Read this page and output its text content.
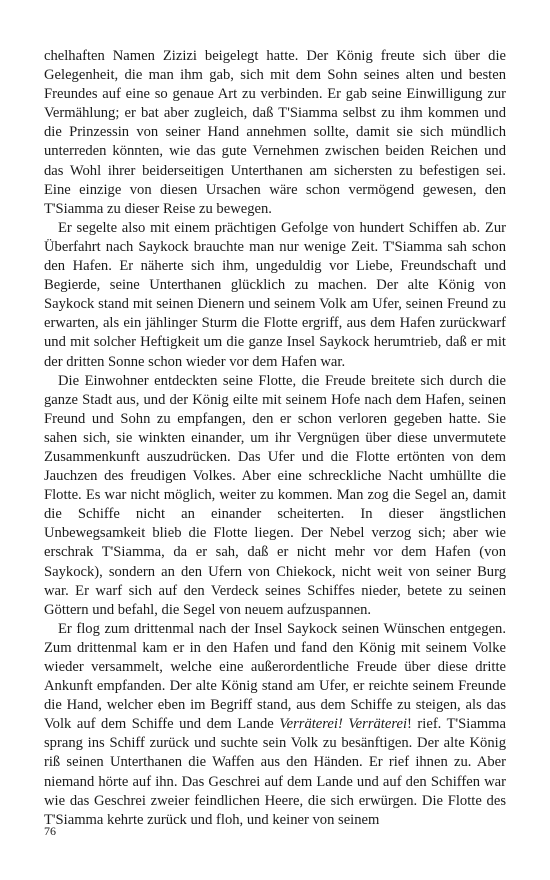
chelhaften Namen Zizizi beigelegt hatte. Der König freute sich über die Gelegenheit, die man ihm gab, sich mit dem Sohn seines alten und besten Freundes auf eine so genaue Art zu verbinden. Er gab seine Einwilligung zur Vermählung; er bat aber zugleich, daß T'Siamma selbst zu ihm kommen und die Prinzessin von seiner Hand annehmen sollte, damit sie sich mündlich unterreden könnten, wie das gute Vernehmen zwischen beiden Reichen und das Wohl ihrer beiderseitigen Unterthanen am sichersten zu befestigen sei. Eine einzige von diesen Ursachen wäre schon vermögend gewesen, den T'Siamma zu dieser Reise zu bewegen.

Er segelte also mit einem prächtigen Gefolge von hundert Schiffen ab. Zur Überfahrt nach Saykock brauchte man nur wenige Zeit. T'Siamma sah schon den Hafen. Er näherte sich ihm, ungeduldig vor Liebe, Freundschaft und Begierde, seine Unterthanen glücklich zu machen. Der alte König von Saykock stand mit seinen Dienern und seinem Volk am Ufer, seinen Freund zu erwarten, als ein jählinger Sturm die Flotte ergriff, aus dem Hafen zurückwarf und mit solcher Heftigkeit um die ganze Insel Saykock herumtrieb, daß er mit der dritten Sonne schon wieder vor dem Hafen war.

Die Einwohner entdeckten seine Flotte, die Freude breitete sich durch die ganze Stadt aus, und der König eilte mit seinem Hofe nach dem Hafen, seinen Freund und Sohn zu empfangen, den er schon verloren gegeben hatte. Sie sahen sich, sie winkten einander, um ihr Vergnügen über diese unvermutete Zusammenkunft auszudrücken. Das Ufer und die Flotte ertönten von dem Jauchzen des freudigen Volkes. Aber eine schreckliche Nacht umhüllte die Flotte. Es war nicht möglich, weiter zu kommen. Man zog die Segel an, damit die Schiffe nicht an einander scheiterten. In dieser ängstlichen Unbewegsamkeit blieb die Flotte liegen. Der Nebel verzog sich; aber wie erschrak T'Siamma, da er sah, daß er nicht mehr vor dem Hafen (von Saykock), sondern an den Ufern von Chiekock, nicht weit von seiner Burg war. Er warf sich auf den Verdeck seines Schiffes nieder, betete zu seinen Göttern und befahl, die Segel von neuem aufzuspannen.

Er flog zum drittenmal nach der Insel Saykock seinen Wünschen entgegen. Zum drittenmal kam er in den Hafen und fand den König mit seinem Volke wieder versammelt, welche eine außerordentliche Freude über diese dritte Ankunft empfanden. Der alte König stand am Ufer, er reichte seinem Freunde die Hand, welcher eben im Begriff stand, aus dem Schiffe zu steigen, als das Volk auf dem Schiffe und dem Lande Verräterei! Verräterei! rief. T'Siamma sprang ins Schiff zurück und suchte sein Volk zu besänftigen. Der alte König riß seinen Unterthanen die Waffen aus den Händen. Er rief ihnen zu. Aber niemand hörte auf ihn. Das Geschrei auf dem Lande und auf den Schiffen war wie das Geschrei zweier feindlichen Heere, die sich erwürgen. Die Flotte des T'Siamma kehrte zurück und floh, und keiner von seinem

76
